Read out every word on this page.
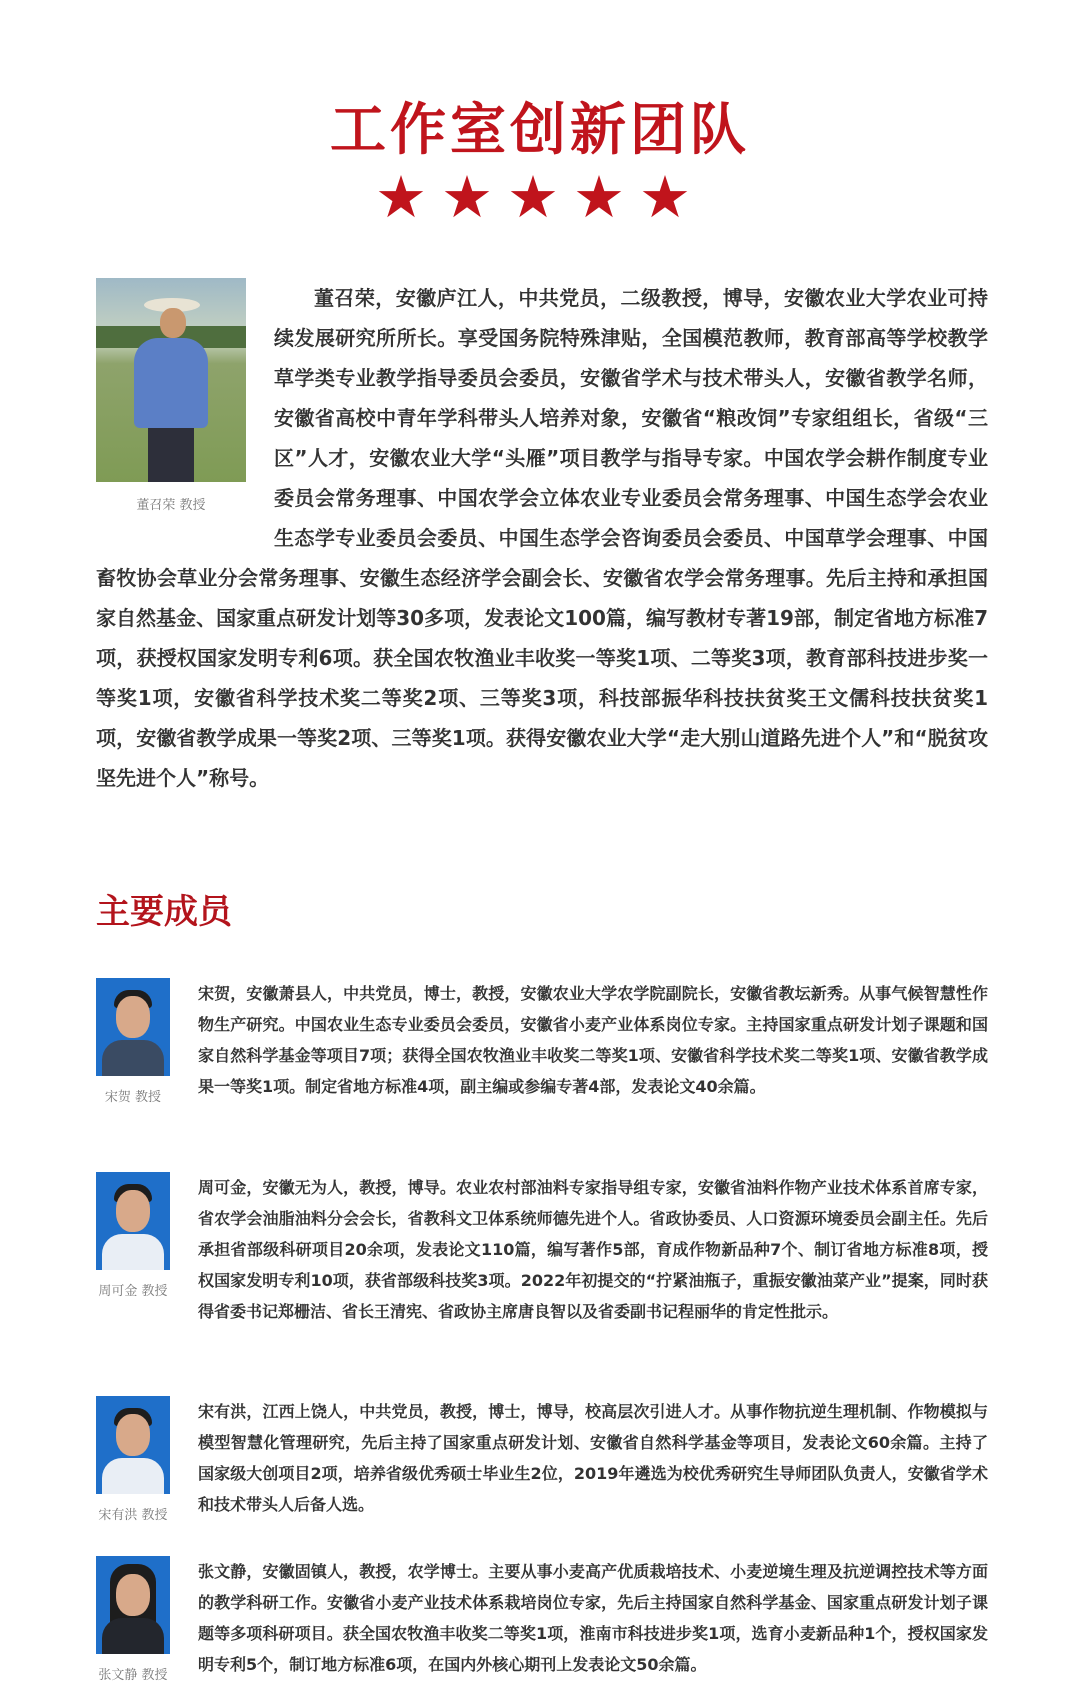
工作室创新团队
★★★★★
董召荣 教授

董召荣，安徽庐江人，中共党员，二级教授，博导，安徽农业大学农业可持续发展研究所所长。享受国务院特殊津贴，全国模范教师，教育部高等学校教学草学类专业教学指导委员会委员，安徽省学术与技术带头人，安徽省教学名师，安徽省高校中青年学科带头人培养对象，安徽省“粮改饲”专家组组长，省级“三区”人才，安徽农业大学“头雁”项目教学与指导专家。中国农学会耕作制度专业委员会常务理事、中国农学会立体农业专业委员会常务理事、中国生态学会农业生态学专业委员会委员、中国生态学会咨询委员会委员、中国草学会理事、中国畜牧协会草业分会常务理事、安徽生态经济学会副会长、安徽省农学会常务理事。先后主持和承担国家自然基金、国家重点研发计划等30多项，发表论文100篇，编写教材专著19部，制定省地方标准7项，获授权国家发明专利6项。获全国农牧渔业丰收奖一等奖1项、二等奖3项，教育部科技进步奖一等奖1项，安徽省科学技术奖二等奖2项、三等奖3项，科技部振华科技扶贫奖王文儒科技扶贫奖1项，安徽省教学成果一等奖2项、三等奖1项。获得安徽农业大学“走大别山道路先进个人”和“脱贫攻坚先进个人”称号。

主要成员
宋贺 教授

宋贺，安徽萧县人，中共党员，博士，教授，安徽农业大学农学院副院长，安徽省教坛新秀。从事气候智慧性作物生产研究。中国农业生态专业委员会委员，安徽省小麦产业体系岗位专家。主持国家重点研发计划子课题和国家自然科学基金等项目7项；获得全国农牧渔业丰收奖二等奖1项、安徽省科学技术奖二等奖1项、安徽省教学成果一等奖1项。制定省地方标准4项，副主编或参编专著4部，发表论文40余篇。

周可金 教授

周可金，安徽无为人，教授，博导。农业农村部油料专家指导组专家，安徽省油料作物产业技术体系首席专家，省农学会油脂油料分会会长，省教科文卫体系统师德先进个人。省政协委员、人口资源环境委员会副主任。先后承担省部级科研项目20余项，发表论文110篇，编写著作5部，育成作物新品种7个、制订省地方标准8项，授权国家发明专利10项，获省部级科技奖3项。2022年初提交的“拧紧油瓶子，重振安徽油菜产业”提案，同时获得省委书记郑栅洁、省长王清宪、省政协主席唐良智以及省委副书记程丽华的肯定性批示。

宋有洪 教授

宋有洪，江西上饶人，中共党员，教授，博士，博导，校高层次引进人才。从事作物抗逆生理机制、作物模拟与模型智慧化管理研究，先后主持了国家重点研发计划、安徽省自然科学基金等项目，发表论文60余篇。主持了国家级大创项目2项，培养省级优秀硕士毕业生2位，2019年遴选为校优秀研究生导师团队负责人，安徽省学术和技术带头人后备人选。

张文静 教授

张文静，安徽固镇人，教授，农学博士。主要从事小麦高产优质栽培技术、小麦逆境生理及抗逆调控技术等方面的教学科研工作。安徽省小麦产业技术体系栽培岗位专家，先后主持国家自然科学基金、国家重点研发计划子课题等多项科研项目。获全国农牧渔丰收奖二等奖1项，淮南市科技进步奖1项，选育小麦新品种1个，授权国家发明专利5个，制订地方标准6项，在国内外核心期刊上发表论文50余篇。
